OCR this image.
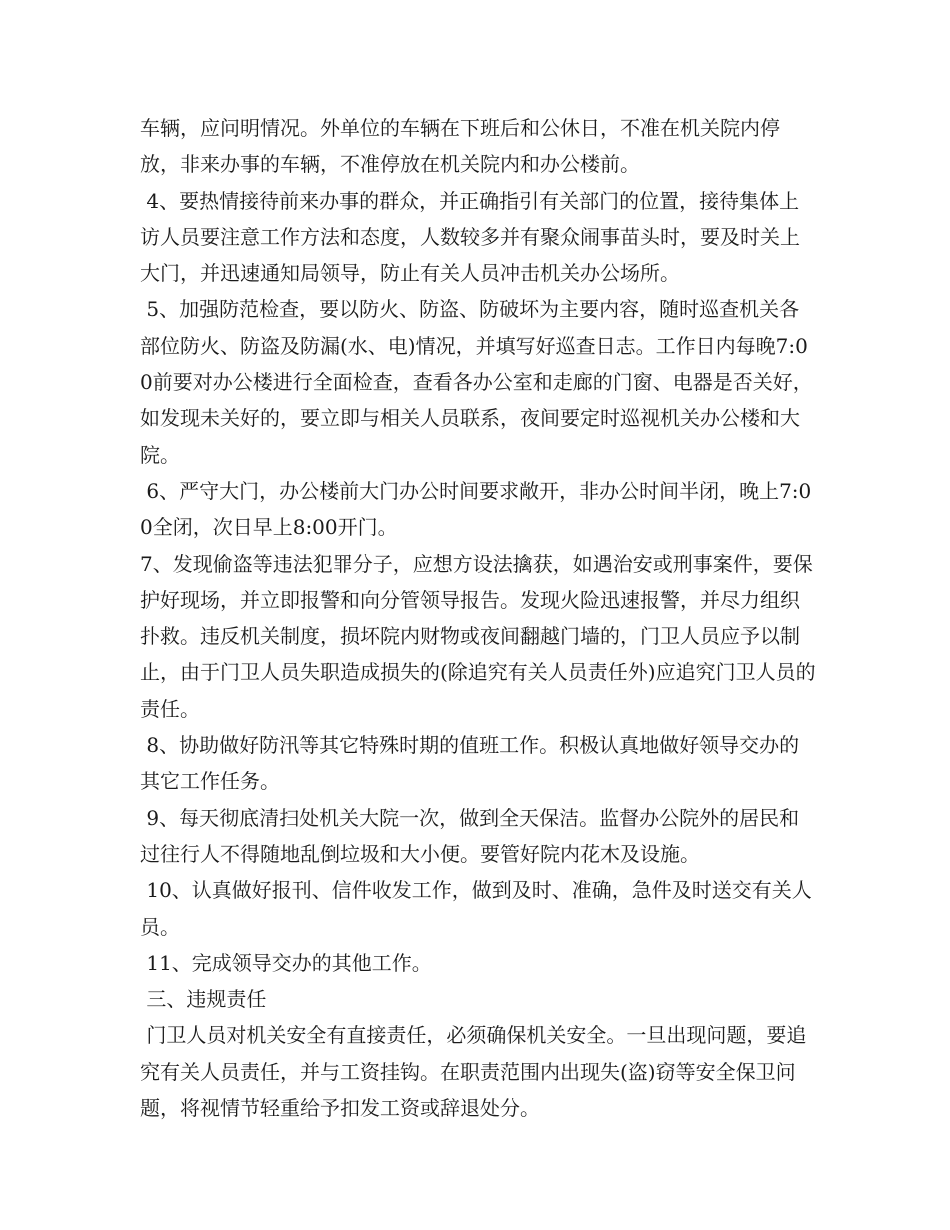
车辆，应问明情况。外单位的车辆在下班后和公休日，不准在机关院内停放，非来办事的车辆，不准停放在机关院内和办公楼前。

4、要热情接待前来办事的群众，并正确指引有关部门的位置，接待集体上访人员要注意工作方法和态度，人数较多并有聚众闹事苗头时，要及时关上大门，并迅速通知局领导，防止有关人员冲击机关办公场所。

5、加强防范检查，要以防火、防盗、防破坏为主要内容，随时巡查机关各部位防火、防盗及防漏(水、电)情况，并填写好巡查日志。工作日内每晚7:00前要对办公楼进行全面检查，查看各办公室和走廊的门窗、电器是否关好，如发现未关好的，要立即与相关人员联系，夜间要定时巡视机关办公楼和大院。

6、严守大门，办公楼前大门办公时间要求敞开，非办公时间半闭，晚上7:00全闭，次日早上8:00开门。

7、发现偷盗等违法犯罪分子，应想方设法擒获，如遇治安或刑事案件，要保护好现场，并立即报警和向分管领导报告。发现火险迅速报警，并尽力组织扑救。违反机关制度，损坏院内财物或夜间翻越门墙的，门卫人员应予以制止，由于门卫人员失职造成损失的(除追究有关人员责任外)应追究门卫人员的责任。

8、协助做好防汛等其它特殊时期的值班工作。积极认真地做好领导交办的其它工作任务。

9、每天彻底清扫处机关大院一次，做到全天保洁。监督办公院外的居民和过往行人不得随地乱倒垃圾和大小便。要管好院内花木及设施。

10、认真做好报刊、信件收发工作，做到及时、准确，急件及时送交有关人员。

11、完成领导交办的其他工作。

三、违规责任

门卫人员对机关安全有直接责任，必须确保机关安全。一旦出现问题，要追究有关人员责任，并与工资挂钩。在职责范围内出现失(盗)窃等安全保卫问题，将视情节轻重给予扣发工资或辞退处分。
